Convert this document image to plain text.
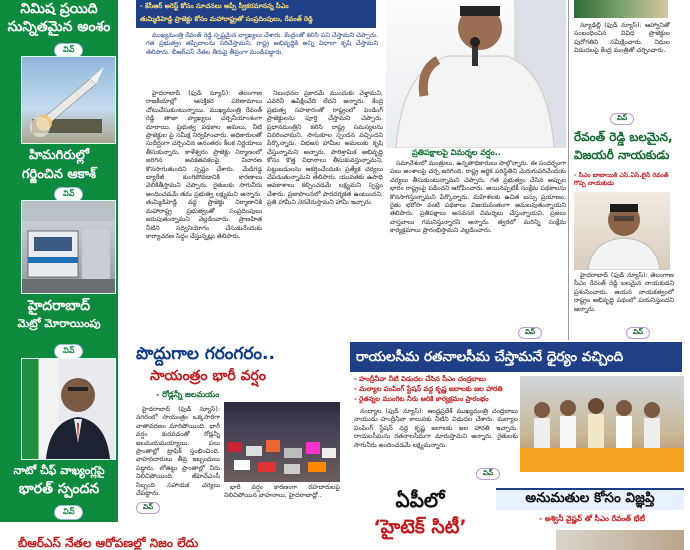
నిమిష ప్రయిది
సున్నితమైన అంశం
వివ్
హిమగిరుల్లో
గర్జించిన ఆకాశ్
వివ్
హైదరాబాద్
మెట్రో మోరాయింపు
వివ్
నాటో చీఫ్ వాఖ్యంగ్లపై
భారత్ స్పందన
వివ్
- కేసీఆర్ అరెస్ట్ కోసం సూచనలు అప్పీ స్వీకరమానన్న సీఎం
తుమ్మిడిహెడ్డి ప్రాజెక్టు కోసం మహారాష్ట్రతో సంప్రదింపులు, రేవంత్ రెడ్డి

ముఖ్యమంత్రి రేవంత్ రెడ్డి స్పష్టమైన వ్యాఖ్యలు చేశారు. కేంద్రంతో కలిసి పని చేస్తామని చెప్పారు. గత ప్రభుత్వం తప్పిదాలను సరిచేస్తామని, రాష్ట్ర అభివృద్ధికి అన్ని విధాలా కృషి చేస్తామని తెలిపారు. బీఆర్ఎస్ నేతల తీరుపై తీవ్రంగా మండిపడ్డారు.

హైదరాబాద్ (ఫుడ్ న్యూస్): తెలంగాణ రాజకీయాల్లో ఆసక్తికర పరిణామాలు చోటుచేసుకుంటున్నాయి. ముఖ్యమంత్రి రేవంత్ రెడ్డి తాజా వ్యాఖ్యలు చర్చనీయాంశంగా మారాయి. ప్రభుత్వ పథకాల అమలు, నీటి ప్రాజెక్టుల పై సమీక్ష నిర్వహించారు. అధికారులతో సుదీర్ఘంగా చర్చించిన అనంతరం కీలక నిర్ణయాలు తీసుకున్నారు. కాళేశ్వరం ప్రాజెక్టు నిర్మాణంలో జరిగిన అవకతవకలపై విచారణ కొనసాగుతుందని స్పష్టం చేశారు. మేడిగడ్డ బ్యారేజీ కుంగిపోవడానికి కారణాలు వెలికితీస్తామని చెప్పారు. రైతులకు సాగునీరు అందించడమే తమ ప్రభుత్వ లక్ష్యమని అన్నారు. తుమ్మిడిహెడ్డి వద్ద ప్రాజెక్టు నిర్మాణానికి మహారాష్ట్ర ప్రభుత్వంతో సంప్రదింపులు జరుపుతున్నామని వెల్లడించారు. ప్రాణహిత నీటిని సద్వినియోగం చేసుకునేందుకు కార్యాచరణ సిద్ధం చేస్తున్నట్లు తెలిపారు.

నిబంధనల ప్రకారమే ముందుకు వెళ్తామని, ఎవరినీ ఉపేక్షించేది లేదని అన్నారు. కేంద్ర ప్రభుత్వ సహకారంతో రాష్ట్రంలో పెండింగ్ ప్రాజెక్టులను పూర్తి చేస్తామని చెప్పారు. ప్రధానమంత్రిని కలిసి రాష్ట్ర సమస్యలను వివరించామని, సానుకూల స్పందన వచ్చిందని పేర్కొన్నారు. విభజన హామీల అమలుకు కృషి చేస్తున్నామని అన్నారు. పారిశ్రామిక అభివృద్ధి కోసం కొత్త విధానాలు తీసుకువస్తున్నామని, పెట్టుబడులను ఆకర్షించేందుకు ప్రత్యేక చర్యలు చేపడుతున్నామని తెలిపారు. యువతకు ఉపాధి అవకాశాలు కల్పించడమే లక్ష్యమని స్పష్టం చేశారు. ప్రజాపాలనలో పారదర్శకత ఉంటుందని, ప్రతి హామీని నెరవేరుస్తామని హామీ ఇచ్చారు.

ప్రతిపక్షాలపై విమర్శల వర్షం..

సమావేశంలో మంత్రులు, ఉన్నతాధికారులు పాల్గొన్నారు. ఈ సందర్భంగా పలు అంశాలపై చర్చ జరిగింది. రాష్ట్ర ఆర్థిక పరిస్థితిని మెరుగుపరిచేందుకు చర్యలు తీసుకుంటున్నామని చెప్పారు. గత ప్రభుత్వం చేసిన అప్పుల భారం రాష్ట్రంపై పడిందని ఆరోపించారు. అయినప్పటికీ సంక్షేమ పథకాలను కొనసాగిస్తున్నామని పేర్కొన్నారు. మహిళలకు ఉచిత బస్సు ప్రయాణం, రైతు భరోసా వంటి పథకాలు విజయవంతంగా అమలవుతున్నాయని తెలిపారు. ప్రతిపక్షాలు అనవసర విమర్శలు చేస్తున్నాయని, ప్రజలు వాస్తవాలు గమనిస్తున్నారని అన్నారు. త్వరలో మరిన్ని సంక్షేమ కార్యక్రమాలు ప్రారంభిస్తామని వెల్లడించారు.

వివ్

న్యూఢిల్లీ (ఫుడ్ న్యూస్): ఆహ్వానితో సంబంధించిన వివిధ ప్రాజెక్టుల పురోగతిని సమీక్షించారు. నిధుల విడుదలపై కేంద్ర మంత్రితో చర్చించారు.

వివ్
రేవంత్ రెడ్డి బలమైన, విజయరీ నాయకుడు
- సీఎం బాబాయికి ఎస్.ఏస్.లైన్ రెవంత్ గొప్ప నాయకుడు

హైదరాబాద్ (ఫుడ్ న్యూస్): తెలంగాణ సీఎం రేవంత్ రెడ్డి బలమైన నాయకుడని ప్రశంసించారు. ఆయన నాయకత్వంలో రాష్ట్రం అభివృద్ధి పథంలో పయనిస్తుందని అన్నారు.

వివ్
పొద్దుగాల గరంగరం..
సాయంత్రం భారీ వర్షం
- రోడ్లన్నీ జలమయం

హైదరాబాద్ (ఫుడ్ న్యూస్): నగరంలో సాయంత్రం ఒక్కసారిగా వాతావరణం మారిపోయింది. భారీ వర్షం కురవడంతో రోడ్లన్నీ జలమయమయ్యాయి. పలు ప్రాంతాల్లో ట్రాఫిక్ స్తంభించింది. వాహనదారులు తీవ్ర ఇబ్బందులు పడ్డారు. లోతట్టు ప్రాంతాల్లో నీరు నిలిచిపోయింది. జీహెచ్ఎంసీ సిబ్బంది సహాయక చర్యలు చేపట్టారు.

భారీ వర్షం కారణంగా రహదారులపై నిలిచిపోయిన వాహనాలు, హైదరాబాద్లో..

వివ్
రాయలసీమ రతనాలసీమ చేస్తామనే ధైర్యం వచ్చింది
- హంద్రీనీవా నీటి విడుదల చేసిన సీఎం చంద్రబాబు
- మల్యాల పంపింగ్ స్టేషన్ వద్ద కృష్ణ జలాలకు జల హారతి
- రైతన్నల ముంగిట నీరు ఆరికి కార్యక్రమం ప్రారంభం

నంద్యాల (ఫుడ్ న్యూస్): ఆంధ్రప్రదేశ్ ముఖ్యమంత్రి చంద్రబాబు నాయుడు హంద్రీనీవా కాలువకు నీటిని విడుదల చేశారు. మల్యాల పంపింగ్ స్టేషన్ వద్ద కృష్ణ జలాలకు జల హారతి ఇచ్చారు. రాయలసీమను రతనాలసీమగా మారుస్తామని అన్నారు. రైతులకు సాగునీరు అందించడమే లక్ష్యమన్నారు.

వివ్
ఏపీలో
‘హైటెక్ సిటీ’
అనుమతుల కోసం విజ్ఞప్తి
- అశ్వినీ వైష్ణవ్ తో సీఎం రేవంత్ భేటీ
బీఆర్ఎస్ నేతల ఆరోపణల్లో నిజం లేదు
